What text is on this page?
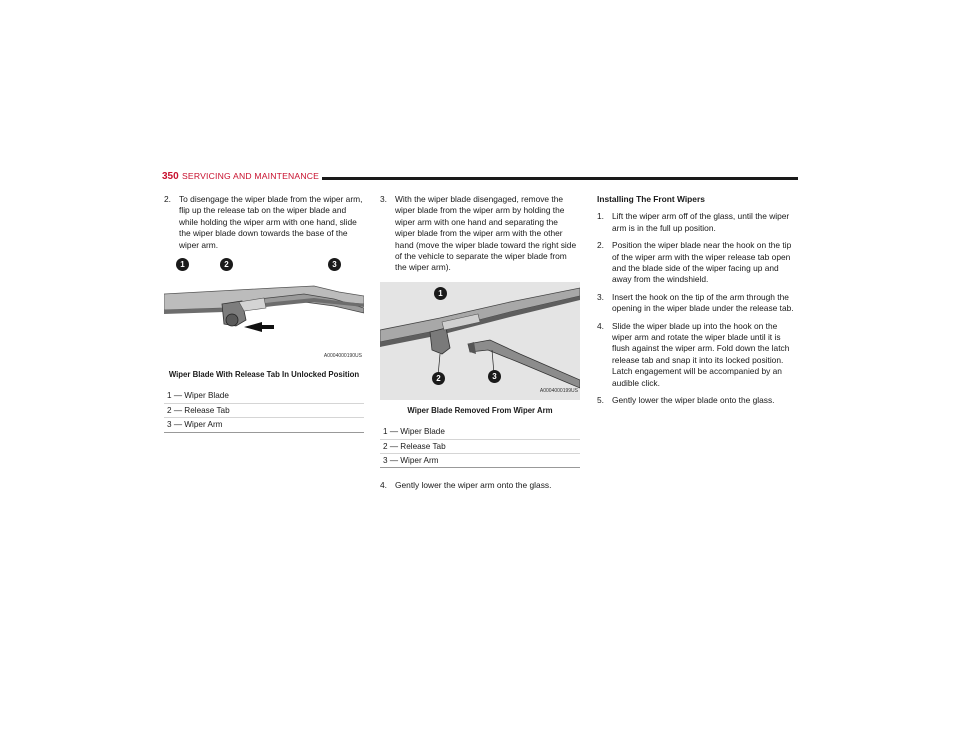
350 SERVICING AND MAINTENANCE
2. To disengage the wiper blade from the wiper arm, flip up the release tab on the wiper blade and while holding the wiper arm with one hand, slide the wiper blade down towards the base of the wiper arm.
1	2	3
A0004000190US
Wiper Blade With Release Tab In Unlocked Position
1 — Wiper Blade
2 — Release Tab
3 — Wiper Arm
3. With the wiper blade disengaged, remove the wiper blade from the wiper arm by holding the wiper arm with one hand and separating the wiper blade from the wiper arm with the other hand (move the wiper blade toward the right side of the vehicle to separate the wiper blade from the wiper arm).
1
2	3
A0004000199US
Wiper Blade Removed From Wiper Arm
1 — Wiper Blade
2 — Release Tab
3 — Wiper Arm
4. Gently lower the wiper arm onto the glass.
Installing The Front Wipers
1. Lift the wiper arm off of the glass, until the wiper arm is in the full up position.
2. Position the wiper blade near the hook on the tip of the wiper arm with the wiper release tab open and the blade side of the wiper facing up and away from the windshield.
3. Insert the hook on the tip of the arm through the opening in the wiper blade under the release tab.
4. Slide the wiper blade up into the hook on the wiper arm and rotate the wiper blade until it is flush against the wiper arm. Fold down the latch release tab and snap it into its locked position. Latch engagement will be accompanied by an audible click.
5. Gently lower the wiper blade onto the glass.
